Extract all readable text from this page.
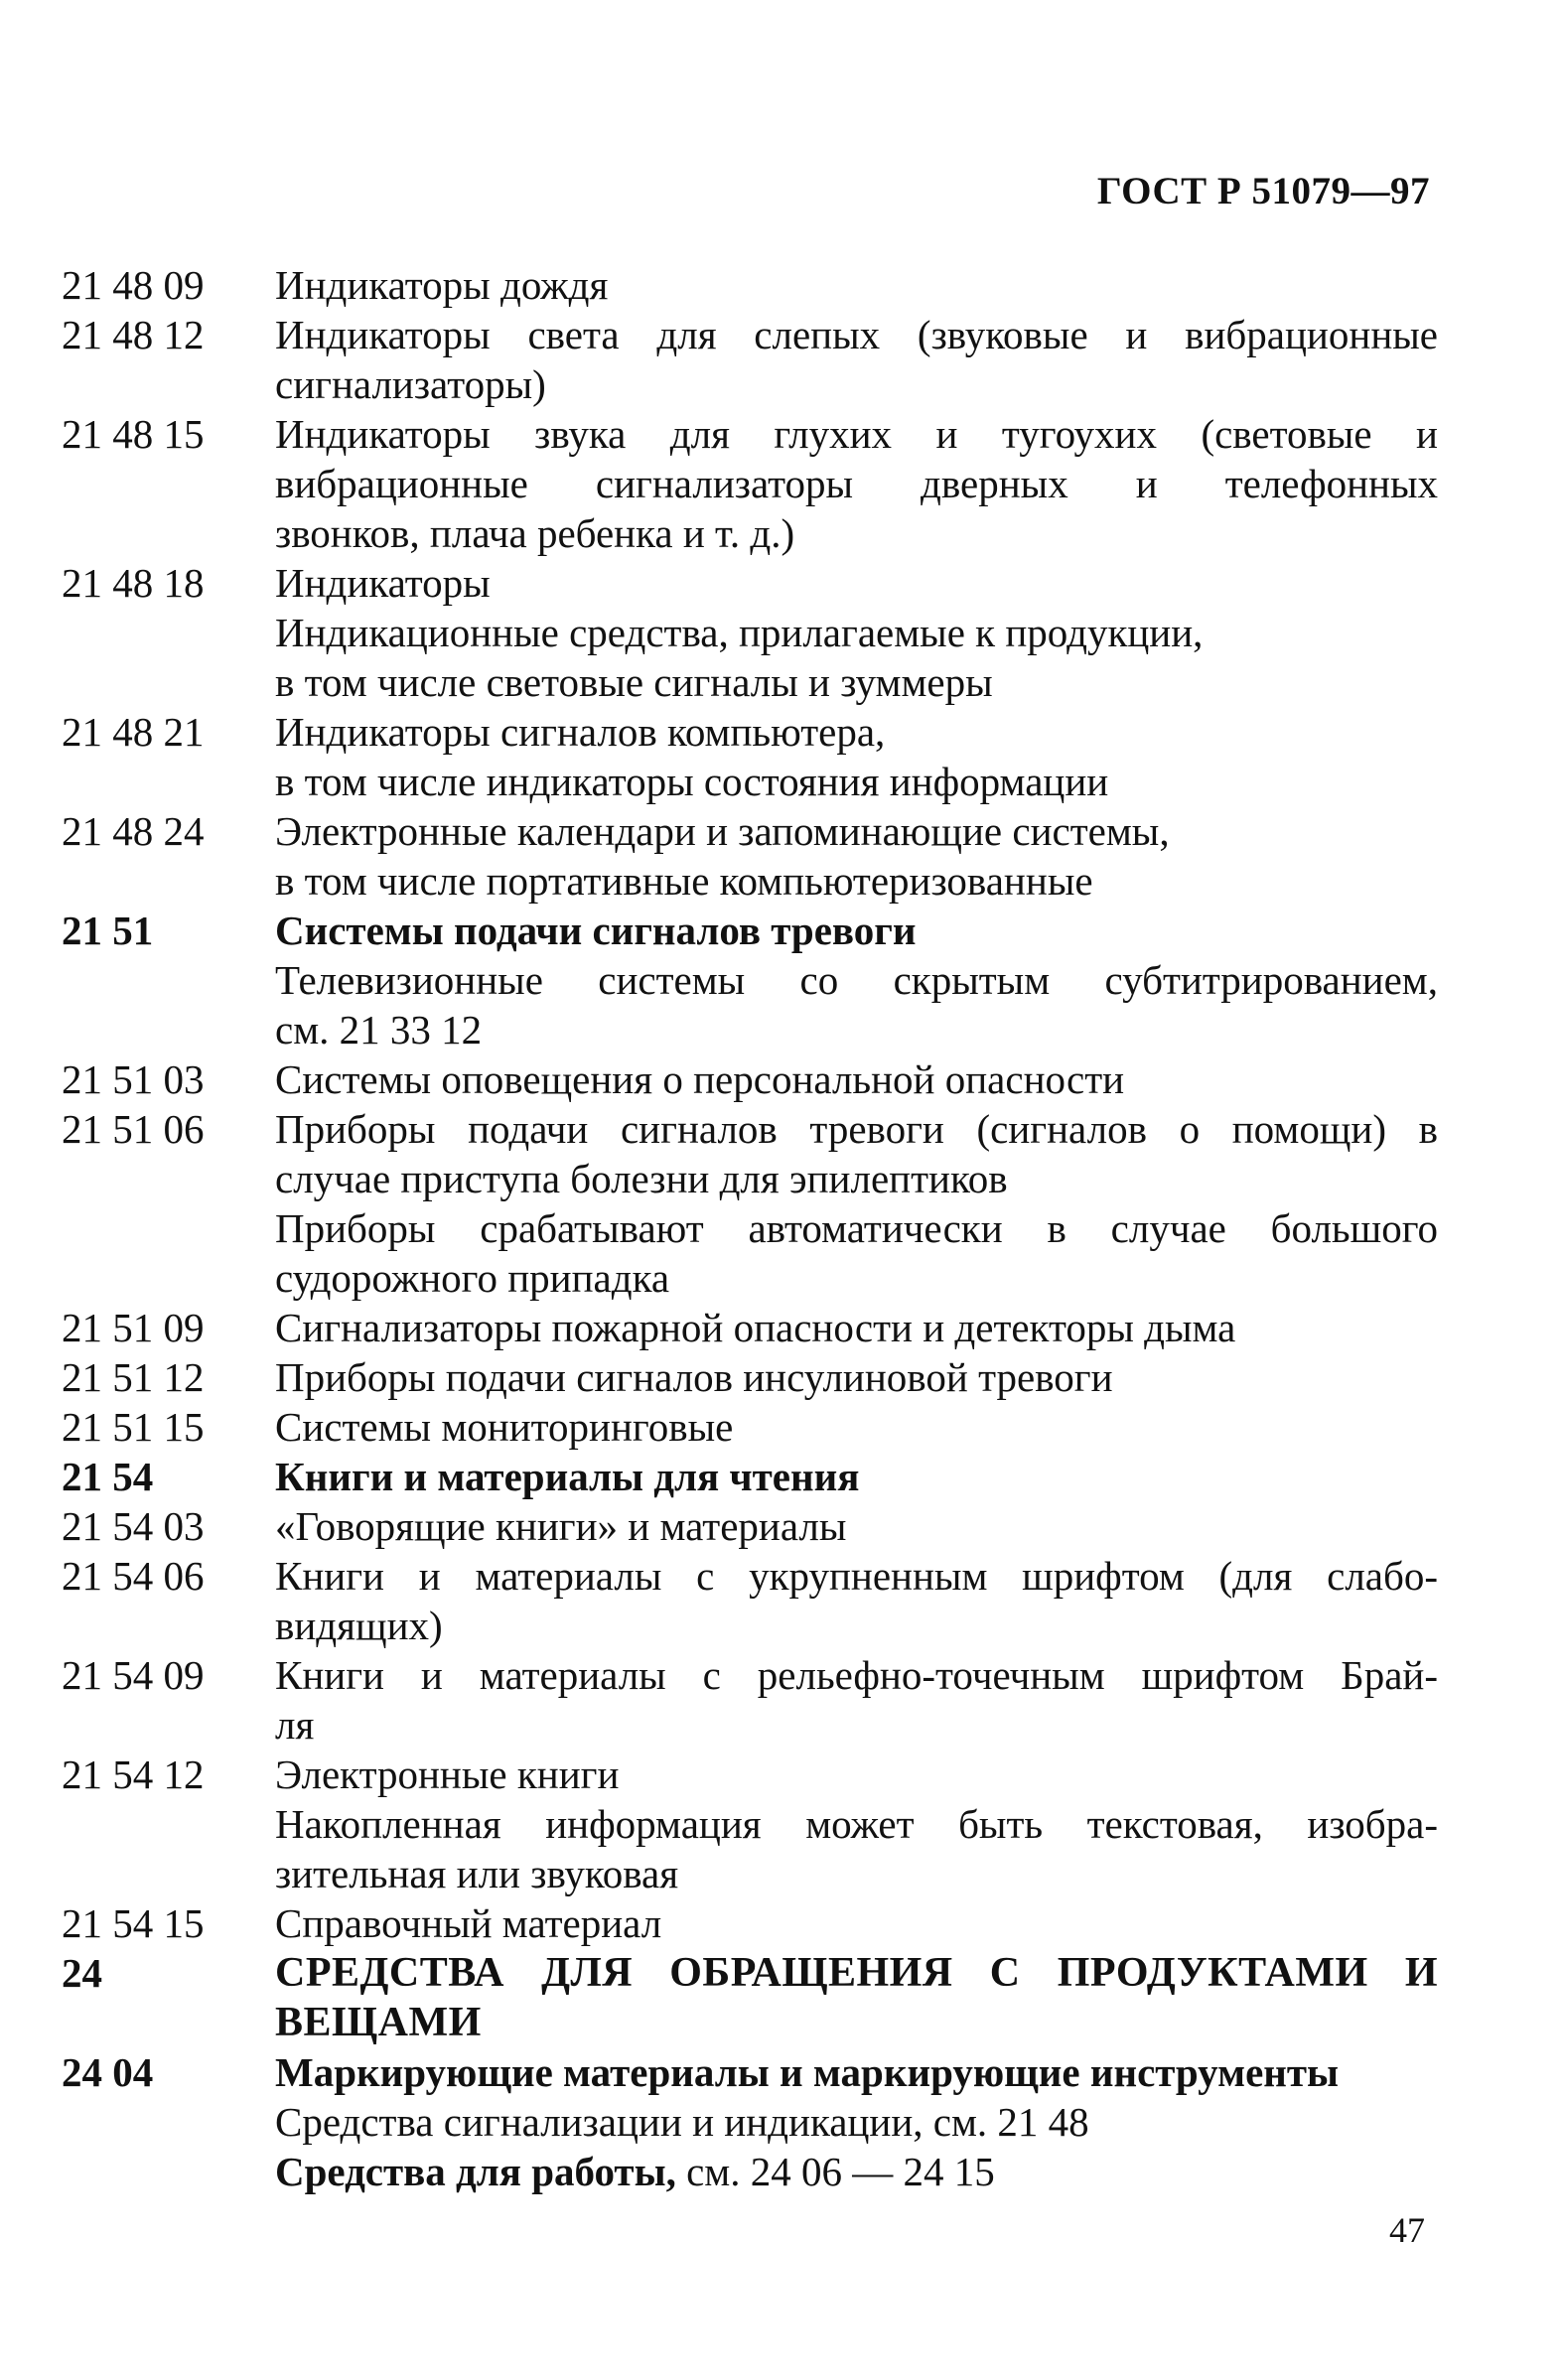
ГОСТ Р 51079—97
21 48 09	Индикаторы дождя
21 48 12	Индикаторы света для слепых (звуковые и вибрационные
сигнализаторы)
21 48 15	Индикаторы звука для глухих и тугоухих (световые и
вибрационные сигнализаторы дверных и телефонных
звонков, плача ребенка и т. д.)
21 48 18	Индикаторы
Индикационные средства, прилагаемые к продукции,
в том числе световые сигналы и зуммеры
21 48 21	Индикаторы сигналов компьютера,
в том числе индикаторы состояния информации
21 48 24	Электронные календари и запоминающие системы,
в том числе портативные компьютеризованные
21 51	Системы подачи сигналов тревоги
Телевизионные системы со скрытым субтитрированием,
см. 21 33 12
21 51 03	Системы оповещения о персональной опасности
21 51 06	Приборы подачи сигналов тревоги (сигналов о помощи) в
случае приступа болезни для эпилептиков
Приборы срабатывают автоматически в случае большого
судорожного припадка
21 51 09	Сигнализаторы пожарной опасности и детекторы дыма
21 51 12	Приборы подачи сигналов инсулиновой тревоги
21 51 15	Системы мониторинговые
21 54	Книги и материалы для чтения
21 54 03	«Говорящие книги» и материалы
21 54 06	Книги и материалы с укрупненным шрифтом (для слабо-
видящих)
21 54 09	Книги и материалы с рельефно-точечным шрифтом Брай-
ля
21 54 12	Электронные книги
Накопленная информация может быть текстовая, изобра-
зительная или звуковая
21 54 15	Справочный материал
24	СРЕДСТВА ДЛЯ ОБРАЩЕНИЯ С ПРОДУКТАМИ И
ВЕЩАМИ
24 04	Маркирующие материалы и маркирующие инструменты
Средства сигнализации и индикации, см. 21 48
Средства для работы, см. 24 06 — 24 15
47
